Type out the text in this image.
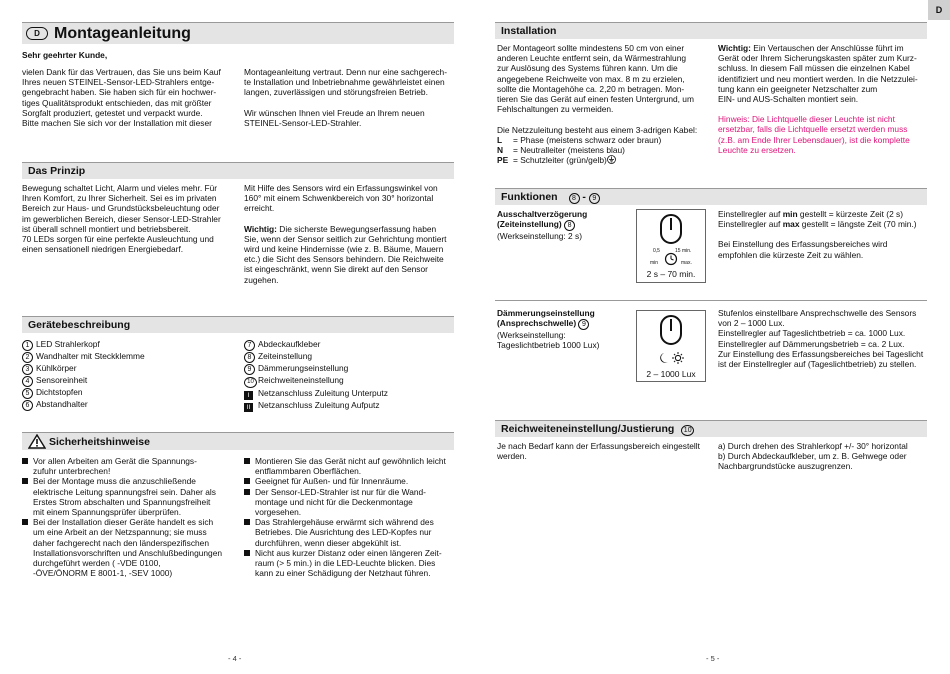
D Montageanleitung
Sehr geehrter Kunde,
vielen Dank für das Vertrauen, das Sie uns beim Kauf
Ihres neuen STEINEL-Sensor-LED-Strahlers entge-
gengebracht haben. Sie haben sich für ein hochwer-
tiges Qualitätsprodukt entschieden, das mit größter
Sorgfalt produziert, getestet und verpackt wurde.
Bitte machen Sie sich vor der Installation mit dieser
Montageanleitung vertraut. Denn nur eine sachgerech-
te Installation und Inbetriebnahme gewährleistet einen
langen, zuverlässigen und störungsfreien Betrieb.

Wir wünschen Ihnen viel Freude an Ihrem neuen
STEINEL-Sensor-LED-Strahler.
Das Prinzip
Bewegung schaltet Licht, Alarm und vieles mehr. Für
Ihren Komfort, zu Ihrer Sicherheit. Sei es im privaten
Bereich zur Haus- und Grundstücksbeleuchtung oder
im gewerblichen Bereich, dieser Sensor-LED-Strahler
ist überall schnell montiert und betriebsbereit.
70 LEDs sorgen für eine perfekte Ausleuchtung und
einen sensationell niedrigen Energiebedarf.
Mit Hilfe des Sensors wird ein Erfassungswinkel von
160° mit einem Schwenkbereich von 30° horizontal
erreicht.
Wichtig: Die sicherste Bewegungserfassung haben
Sie, wenn der Sensor seitlich zur Gehrichtung montiert
wird und keine Hindernisse (wie z. B. Bäume, Mauern
etc.) die Sicht des Sensors behindern. Die Reichweite
ist eingeschränkt, wenn Sie direkt auf den Sensor
zugehen.
Gerätebeschreibung
1 LED Strahlerkopf
2 Wandhalter mit Steckklemme
3 Kühlkörper
4 Sensoreinheit
5 Dichtstopfen
6 Abstandhalter
7 Abdeckaufkleber
8 Zeiteinstellung
9 Dämmerungseinstellung
10 Reichweiteneinstellung
I	Netzanschluss Zuleitung Unterputz
II Netzanschluss Zuleitung Aufputz
Sicherheitshinweise
Vor allen Arbeiten am Gerät die Spannungs-
zufuhr unterbrechen!
Bei der Montage muss die anzuschließende
elektrische Leitung spannungsfrei sein. Daher als
Erstes Strom abschalten und Spannungsfreiheit
mit einem Spannungsprüfer überprüfen.
Bei der Installation dieser Geräte handelt es sich
um eine Arbeit an der Netzspannung; sie muss
daher fachgerecht nach den länderspezifischen
Installationsvorschriften und Anschlußbedingungen
durchgeführt werden ( -VDE 0100,
-ÖVE/ÖNORM E 8001-1, -SEV 1000)
Montieren Sie das Gerät nicht auf gewöhnlich leicht
entflammbaren Oberflächen.
Geeignet für Außen- und für Innenräume.
Der Sensor-LED-Strahler ist nur für die Wand-
montage und nicht für die Deckenmontage
vorgesehen.
Das Strahlergehäuse erwärmt sich während des
Betriebes. Die Ausrichtung des LED-Kopfes nur
durchführen, wenn dieser abgekühlt ist.
Nicht aus kurzer Distanz oder einen längeren Zeit-
raum (> 5 min.) in die LED-Leuchte blicken. Dies
kann zu einer Schädigung der Netzhaut führen.
- 4 -
D
Installation
Der Montageort sollte mindestens 50 cm von einer
anderen Leuchte entfernt sein, da Wärmestrahlung
zur Auslösung des Systems führen kann. Um die
angegebene Reichweite von max. 8 m zu erzielen,
sollte die Montagehöhe ca. 2,20 m betragen. Mon-
tieren Sie das Gerät auf einen festen Untergrund, um
Fehlschaltungen zu vermeiden.

Die Netzzuleitung besteht aus einem 3-adrigen Kabel:
L	= Phase (meistens schwarz oder braun)
N	= Neutralleiter (meistens blau)
PE = Schutzleiter (grün/gelb)
Wichtig: Ein Vertauschen der Anschlüsse führt im
Gerät oder Ihrem Sicherungskasten später zum Kurz-
schluss. In diesem Fall müssen die einzelnen Kabel
identifiziert und neu montiert werden. In die Netzzulei-
tung kann ein geeigneter Netzschalter zum
EIN- und AUS-Schalten montiert sein.
Hinweis: Die Lichtquelle dieser Leuchte ist nicht
ersetzbar, falls die Lichtquelle ersetzt werden muss
(z.B. am Ende Ihrer Lebensdauer), ist die komplette
Leuchte zu ersetzen.
Funktionen 8 - 9
Ausschaltverzögerung
(Zeiteinstellung) 8
(Werkseinstellung: 2 s)
0,5	15 min.
min	max.
2 s – 70 min.
Einstellregler auf min gestellt = kürzeste Zeit (2 s)
Einstellregler auf max gestellt = längste Zeit (70 min.)
Bei Einstellung des Erfassungsbereiches wird
empfohlen die kürzeste Zeit zu wählen.
Dämmerungseinstellung
(Ansprechschwelle) 9
(Werkseinstellung:
Tageslichtbetrieb 1000 Lux)
2 – 1000 Lux
Stufenlos einstellbare Ansprechschwelle des Sensors
von 2 – 1000 Lux.
Einstellregler auf Tageslichtbetrieb = ca. 1000 Lux.
Einstellregler auf Dämmerungsbetrieb = ca. 2 Lux.
Zur Einstellung des Erfassungsbereiches bei Tageslicht
ist der Einstellregler auf (Tageslichtbetrieb) zu stellen.
Reichweiteneinstellung/Justierung 10
Je nach Bedarf kann der Erfassungsbereich eingestellt
werden.
a) Durch drehen des Strahlerkopf +/- 30° horizontal
b) Durch Abdeckaufkleber, um z. B. Gehwege oder
Nachbargrundstücke auszugrenzen.
- 5 -
